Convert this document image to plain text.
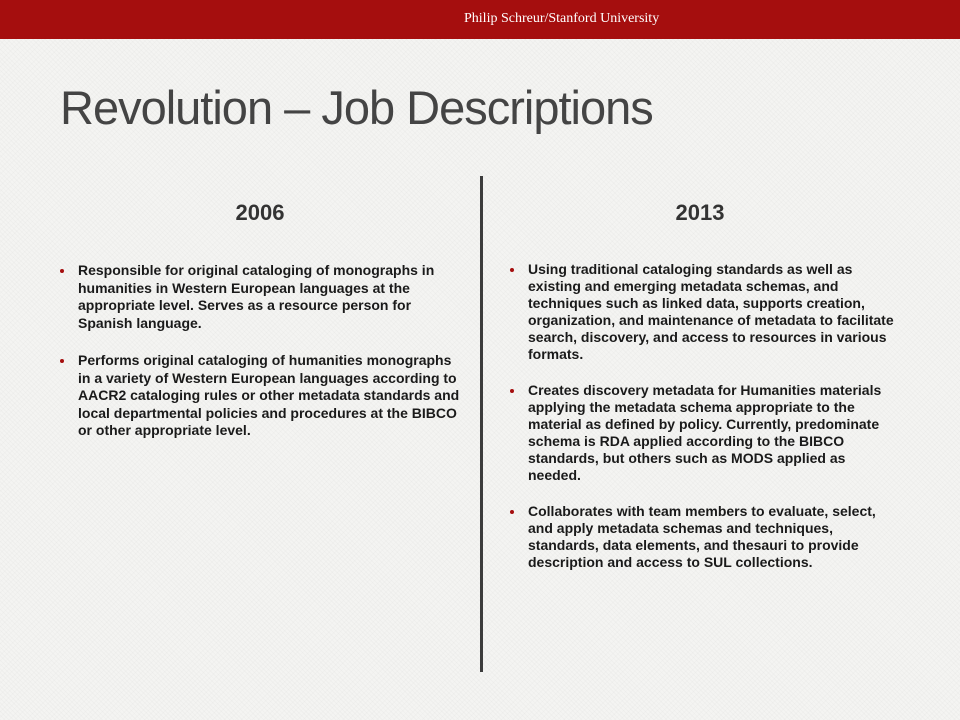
Philip Schreur/Stanford University
Revolution – Job Descriptions
2006	2013
Responsible for original cataloging of monographs in humanities in Western European languages at the appropriate level. Serves as a resource person for Spanish language.
Performs original cataloging of humanities monographs in a variety of Western European languages according to AACR2 cataloging rules or other metadata standards and local departmental policies and procedures at the BIBCO or other appropriate level.
Using traditional cataloging standards as well as existing and emerging metadata schemas, and techniques such as linked data, supports creation, organization, and maintenance of metadata to facilitate search, discovery, and access to resources in various formats.
Creates discovery metadata for Humanities materials applying the metadata schema appropriate to the material as defined by policy. Currently, predominate schema is RDA applied according to the BIBCO standards, but others such as MODS applied as needed.
Collaborates with team members to evaluate, select, and apply metadata schemas and techniques, standards, data elements, and thesauri to provide description and access to SUL collections.
